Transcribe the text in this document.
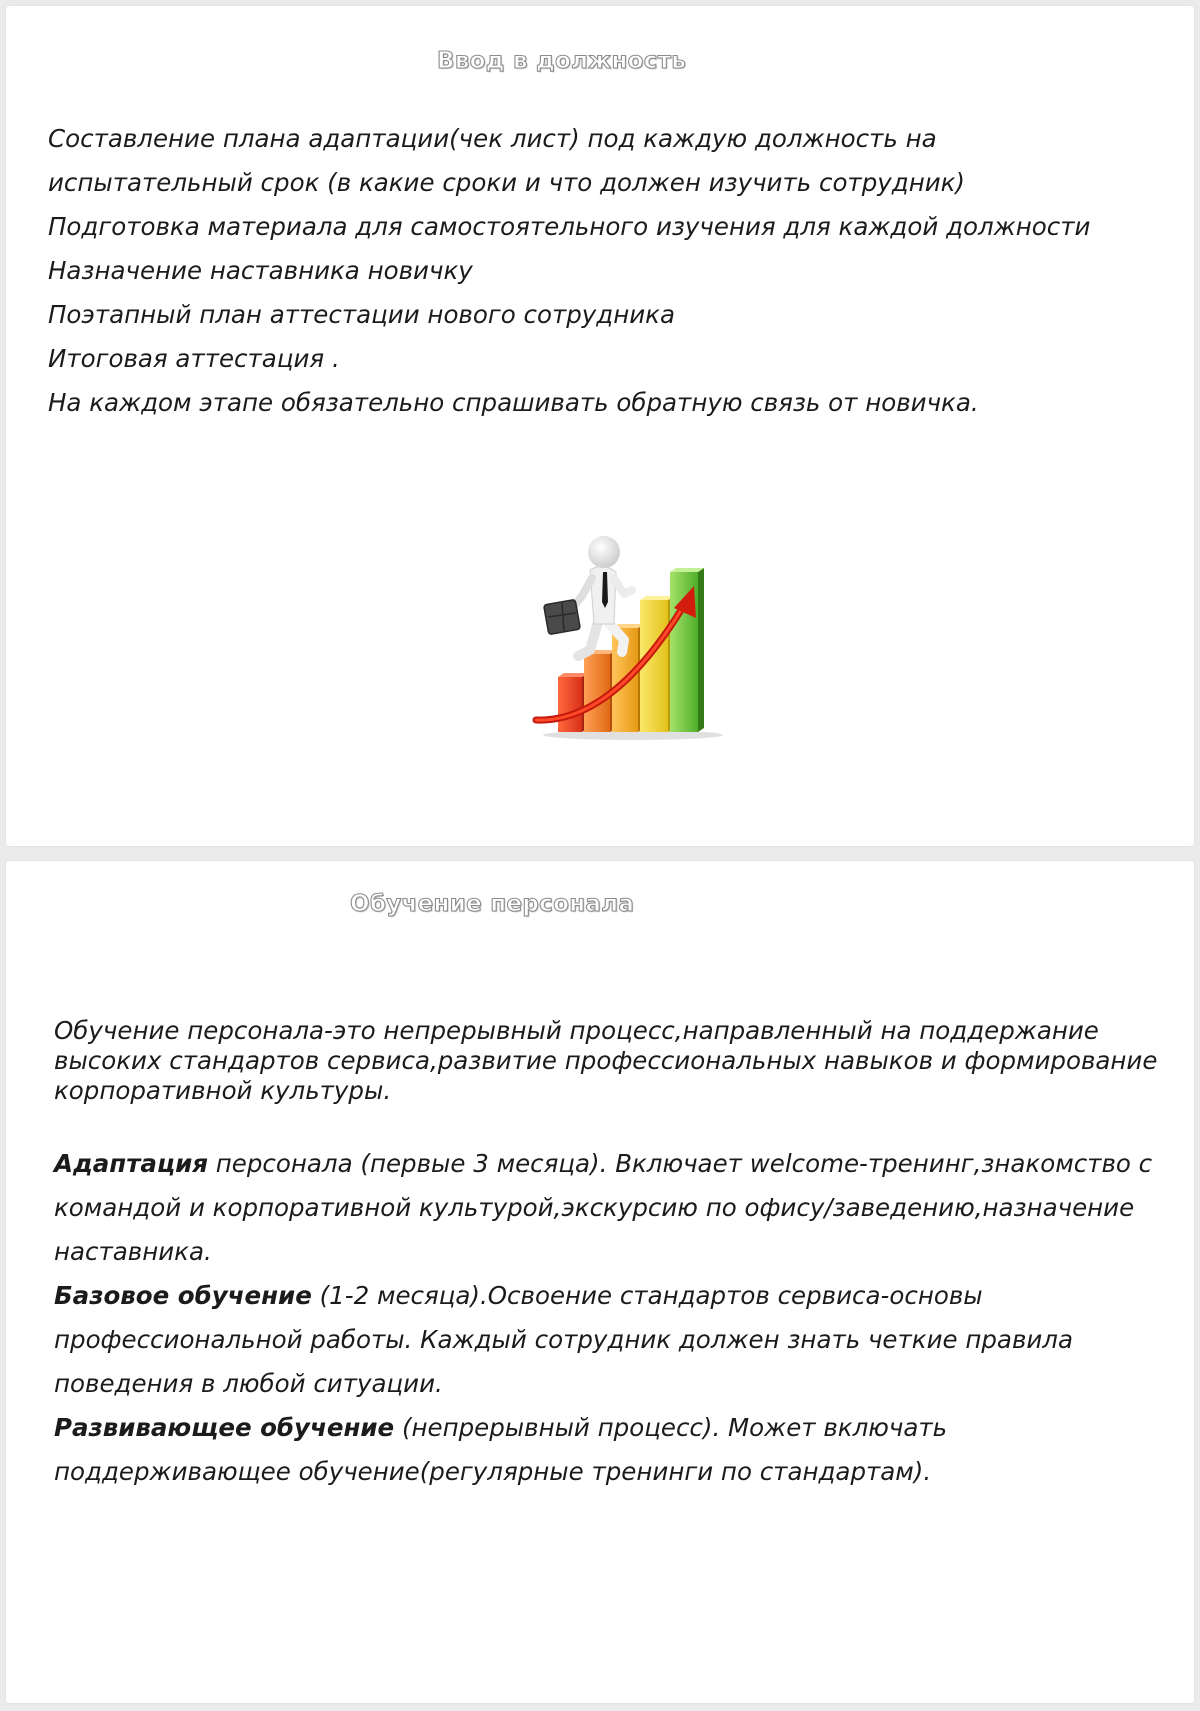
Ввод в должность
Составление плана адаптации(чек лист) под каждую должность на
испытательный срок (в какие сроки и что должен изучить сотрудник)
Подготовка материала для самостоятельного изучения для каждой должности
Назначение наставника новичку
Поэтапный план аттестации нового сотрудника
Итоговая аттестация .
На каждом этапе обязательно спрашивать обратную связь от новичка.
Обучение персонала

Обучение персонала-это непрерывный процесс,направленный на поддержание высоких стандартов сервиса,развитие профессиональных навыков и формирование корпоративной культуры.

Адаптация персонала (первые 3 месяца). Включает welcome-тренинг,знакомство с командой и корпоративной культурой,экскурсию по офису/заведению,назначение наставника.
Базовое обучение (1-2 месяца).Освоение стандартов сервиса-основы профессиональной работы. Каждый сотрудник должен знать четкие правила поведения в любой ситуации.
Развивающее обучение (непрерывный процесс). Может включать поддерживающее обучение(регулярные тренинги по стандартам).
